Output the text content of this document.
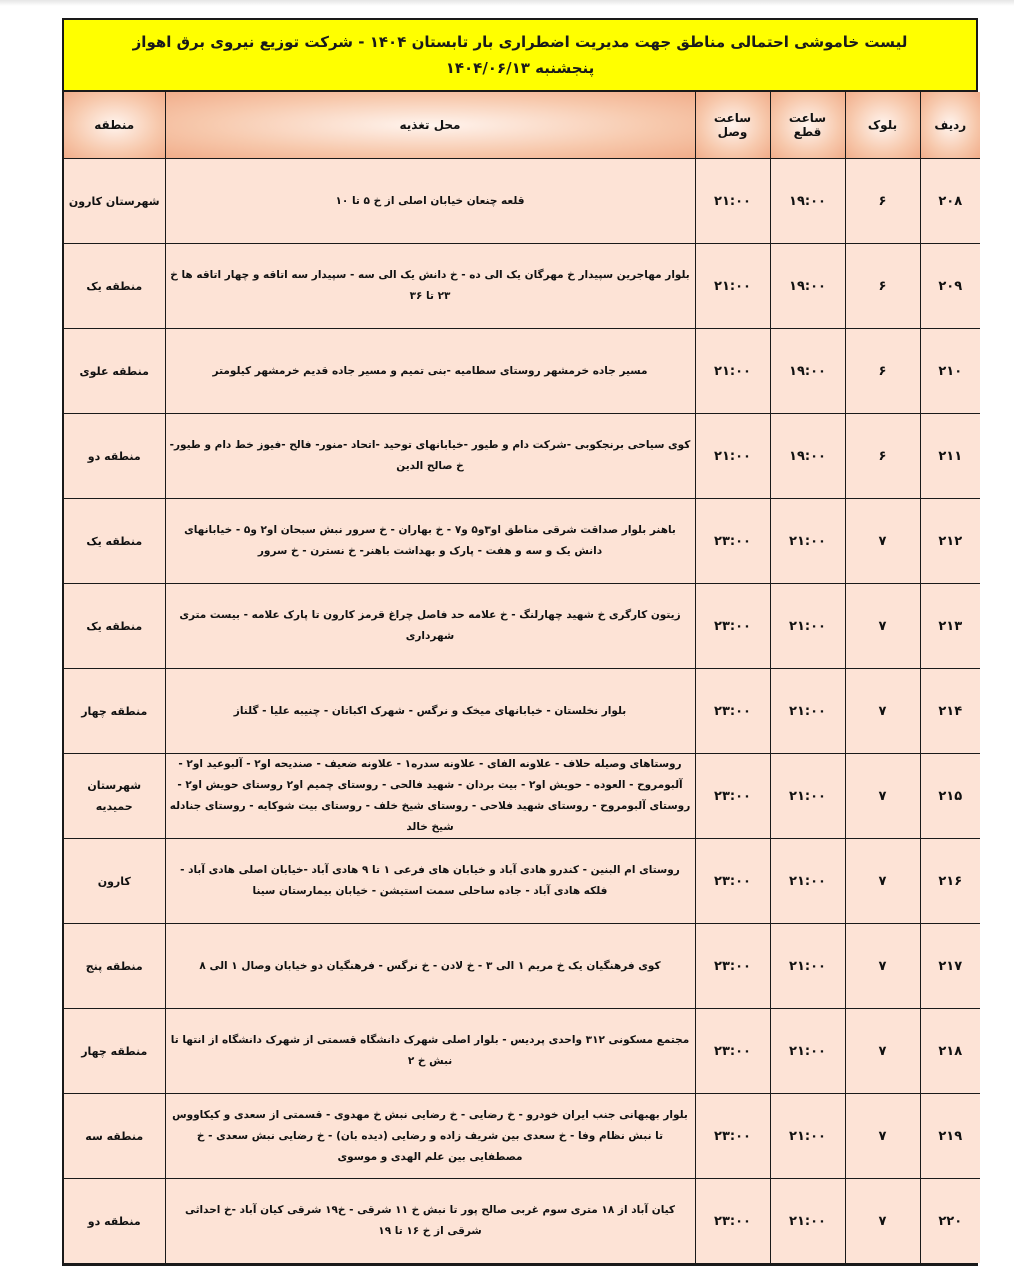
لیست خاموشی احتمالی مناطق جهت مدیریت اضطراری بار تابستان ۱۴۰۴ - شرکت توزیع نیروی برق اهواز
پنجشنبه ۱۴۰۴/۰۶/۱۳
ردیف	بلوک	ساعت قطع	ساعت وصل	محل تغذیه	منطقه
۲۰۸	۶	۱۹:۰۰	۲۱:۰۰	قلعه چنعان خیابان اصلی از خ ۵ تا ۱۰	شهرستان کارون
۲۰۹	۶	۱۹:۰۰	۲۱:۰۰	بلوار مهاجرین سپیدار خ مهرگان یک الی ده - خ دانش یک الی سه - سپیدار سه اتاقه و چهار اتاقه ها خ ۲۳ تا ۳۶	منطقه یک
۲۱۰	۶	۱۹:۰۰	۲۱:۰۰	مسیر جاده خرمشهر روستای سطامیه -بنی تمیم و مسیر جاده قدیم خرمشهر کیلومتر	منطقه علوی
۲۱۱	۶	۱۹:۰۰	۲۱:۰۰	کوی سیاحی برنجکوبی -شرکت دام و طیور -خیابانهای توحید -اتحاد -منور- فالح -فیوز خط دام و طیور-خ صالح الدین	منطقه دو
۲۱۲	۷	۲۱:۰۰	۲۳:۰۰	باهنر بلوار صداقت شرقی مناطق او۳و۵ و۷ - خ بهاران - خ سرور نبش سبحان او۲ و۵ - خیابانهای دانش یک و سه و هفت - پارک و بهداشت باهنر- خ نسترن - خ سرور	منطقه یک
۲۱۳	۷	۲۱:۰۰	۲۳:۰۰	زیتون کارگری خ شهید چهارلنگ - خ علامه حد فاصل چراغ قرمز کارون تا پارک علامه - بیست متری شهرداری	منطقه یک
۲۱۴	۷	۲۱:۰۰	۲۳:۰۰	بلوار نخلستان - خیابانهای میخک و نرگس - شهرک اکباتان - چنیبه علیا - گلناز	منطقه چهار
۲۱۵	۷	۲۱:۰۰	۲۳:۰۰	روستاهای وصیله حلاف - علاونه الفای - علاونه سدره۱ - علاونه ضعیف - صندیحه او۲ - آلبوعید او۲ - آلبومروح - العوده - حویش او۲ - بیت بردان - شهید فالحی - روستای چمیم او۲ روستای حویش او۲ - روستای آلبومروح - روستای شهید فلاحی - روستای شیخ خلف - روستای بیت شوکایه - روستای جنادله شیخ خالد	شهرستان حمیدیه
۲۱۶	۷	۲۱:۰۰	۲۳:۰۰	روستای ام البنین - کندرو هادی آباد و خیابان های فرعی ۱ تا ۹ هادی آباد -خیابان اصلی هادی آباد - فلکه هادی آباد - جاده ساحلی سمت استیشن - خیابان بیمارستان سینا	کارون
۲۱۷	۷	۲۱:۰۰	۲۳:۰۰	کوی فرهنگیان یک خ مریم ۱ الی ۳ - خ لادن - خ نرگس - فرهنگیان دو خیابان وصال ۱ الی ۸	منطقه پنج
۲۱۸	۷	۲۱:۰۰	۲۳:۰۰	مجتمع مسکونی ۳۱۲ واحدی پردیس - بلوار اصلی شهرک دانشگاه قسمتی از شهرک دانشگاه از انتها تا نبش خ ۲	منطقه چهار
۲۱۹	۷	۲۱:۰۰	۲۳:۰۰	بلوار بهبهانی جنب ایران خودرو - خ رضایی - خ رضایی نبش خ مهدوی - قسمتی از سعدی و کیکاووس تا نبش نظام وفا - خ سعدی بین شریف زاده و رضایی (دیده بان) - خ رضایی نبش سعدی - خ مصطفایی بین علم الهدی و موسوی	منطقه سه
۲۲۰	۷	۲۱:۰۰	۲۳:۰۰	کیان آباد از ۱۸ متری سوم غربی صالح پور تا نبش خ ۱۱ شرقی - خ۱۹ شرقی کیان آباد -خ احداثی شرقی از خ ۱۶ تا ۱۹	منطقه دو
